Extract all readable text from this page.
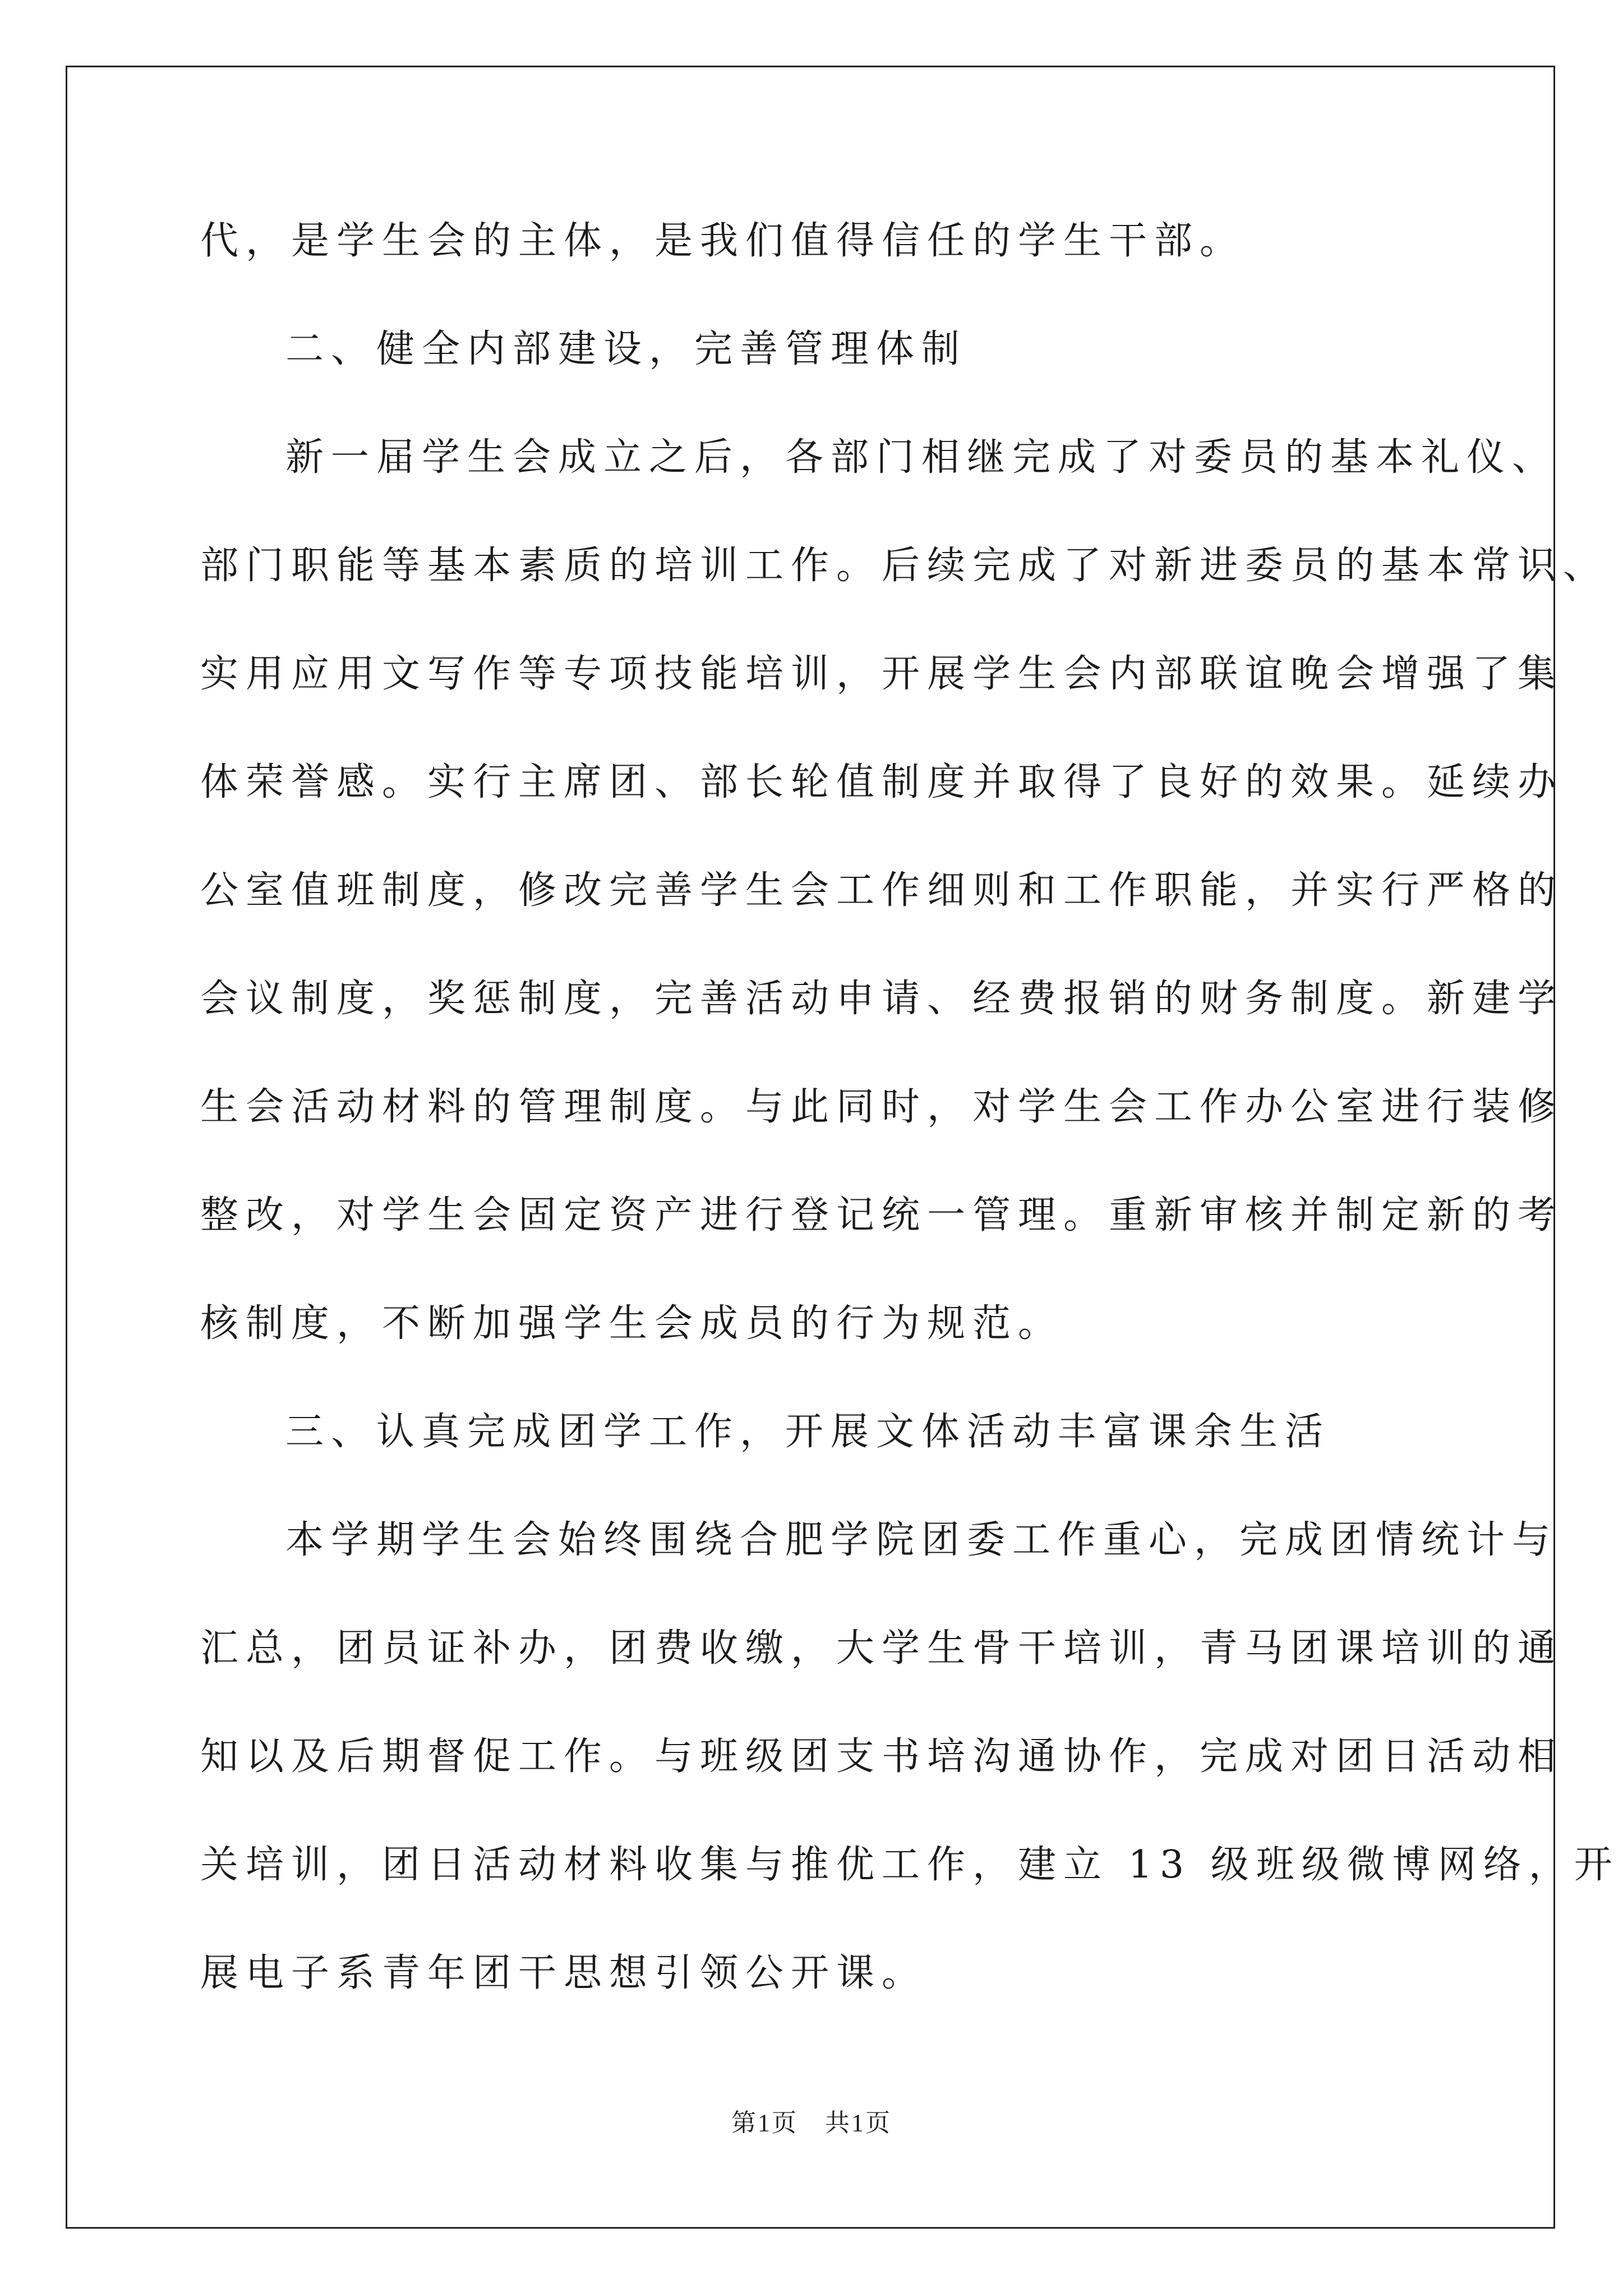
代，是学生会的主体，是我们值得信任的学生干部。
二、健全内部建设，完善管理体制
新一届学生会成立之后，各部门相继完成了对委员的基本礼仪、
部门职能等基本素质的培训工作。后续完成了对新进委员的基本常识、
实用应用文写作等专项技能培训，开展学生会内部联谊晚会增强了集
体荣誉感。实行主席团、部长轮值制度并取得了良好的效果。延续办
公室值班制度，修改完善学生会工作细则和工作职能，并实行严格的
会议制度，奖惩制度，完善活动申请、经费报销的财务制度。新建学
生会活动材料的管理制度。与此同时，对学生会工作办公室进行装修
整改，对学生会固定资产进行登记统一管理。重新审核并制定新的考
核制度，不断加强学生会成员的行为规范。
三、认真完成团学工作，开展文体活动丰富课余生活
本学期学生会始终围绕合肥学院团委工作重心，完成团情统计与
汇总，团员证补办，团费收缴，大学生骨干培训，青马团课培训的通
知以及后期督促工作。与班级团支书培沟通协作，完成对团日活动相
关培训，团日活动材料收集与推优工作，建立 13 级班级微博网络，开
展电子系青年团干思想引领公开课。
第1页 共1页
